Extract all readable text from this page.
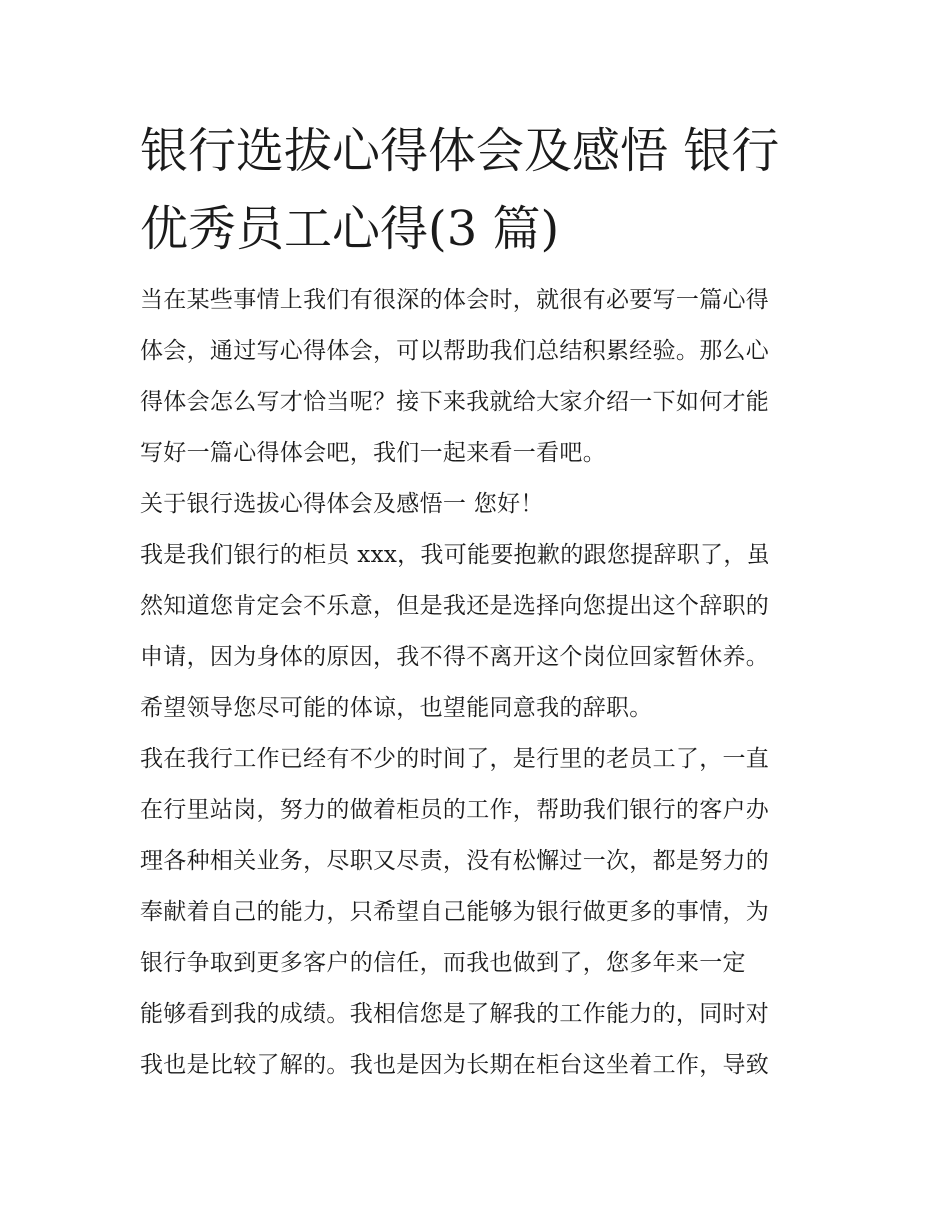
银行选拔心得体会及感悟 银行
优秀员工心得(3 篇)
当在某些事情上我们有很深的体会时，就很有必要写一篇心得
体会，通过写心得体会，可以帮助我们总结积累经验。那么心
得体会怎么写才恰当呢？接下来我就给大家介绍一下如何才能
写好一篇心得体会吧，我们一起来看一看吧。
关于银行选拔心得体会及感悟一 您好！
我是我们银行的柜员 xxx，我可能要抱歉的跟您提辞职了，虽
然知道您肯定会不乐意，但是我还是选择向您提出这个辞职的
申请，因为身体的原因，我不得不离开这个岗位回家暂休养。
希望领导您尽可能的体谅，也望能同意我的辞职。
我在我行工作已经有不少的时间了，是行里的老员工了，一直
在行里站岗，努力的做着柜员的工作，帮助我们银行的客户办
理各种相关业务，尽职又尽责，没有松懈过一次，都是努力的
奉献着自己的能力，只希望自己能够为银行做更多的事情，为
银行争取到更多客户的信任，而我也做到了，您多年来一定
能够看到我的成绩。我相信您是了解我的工作能力的，同时对
我也是比较了解的。我也是因为长期在柜台这坐着工作，导致
